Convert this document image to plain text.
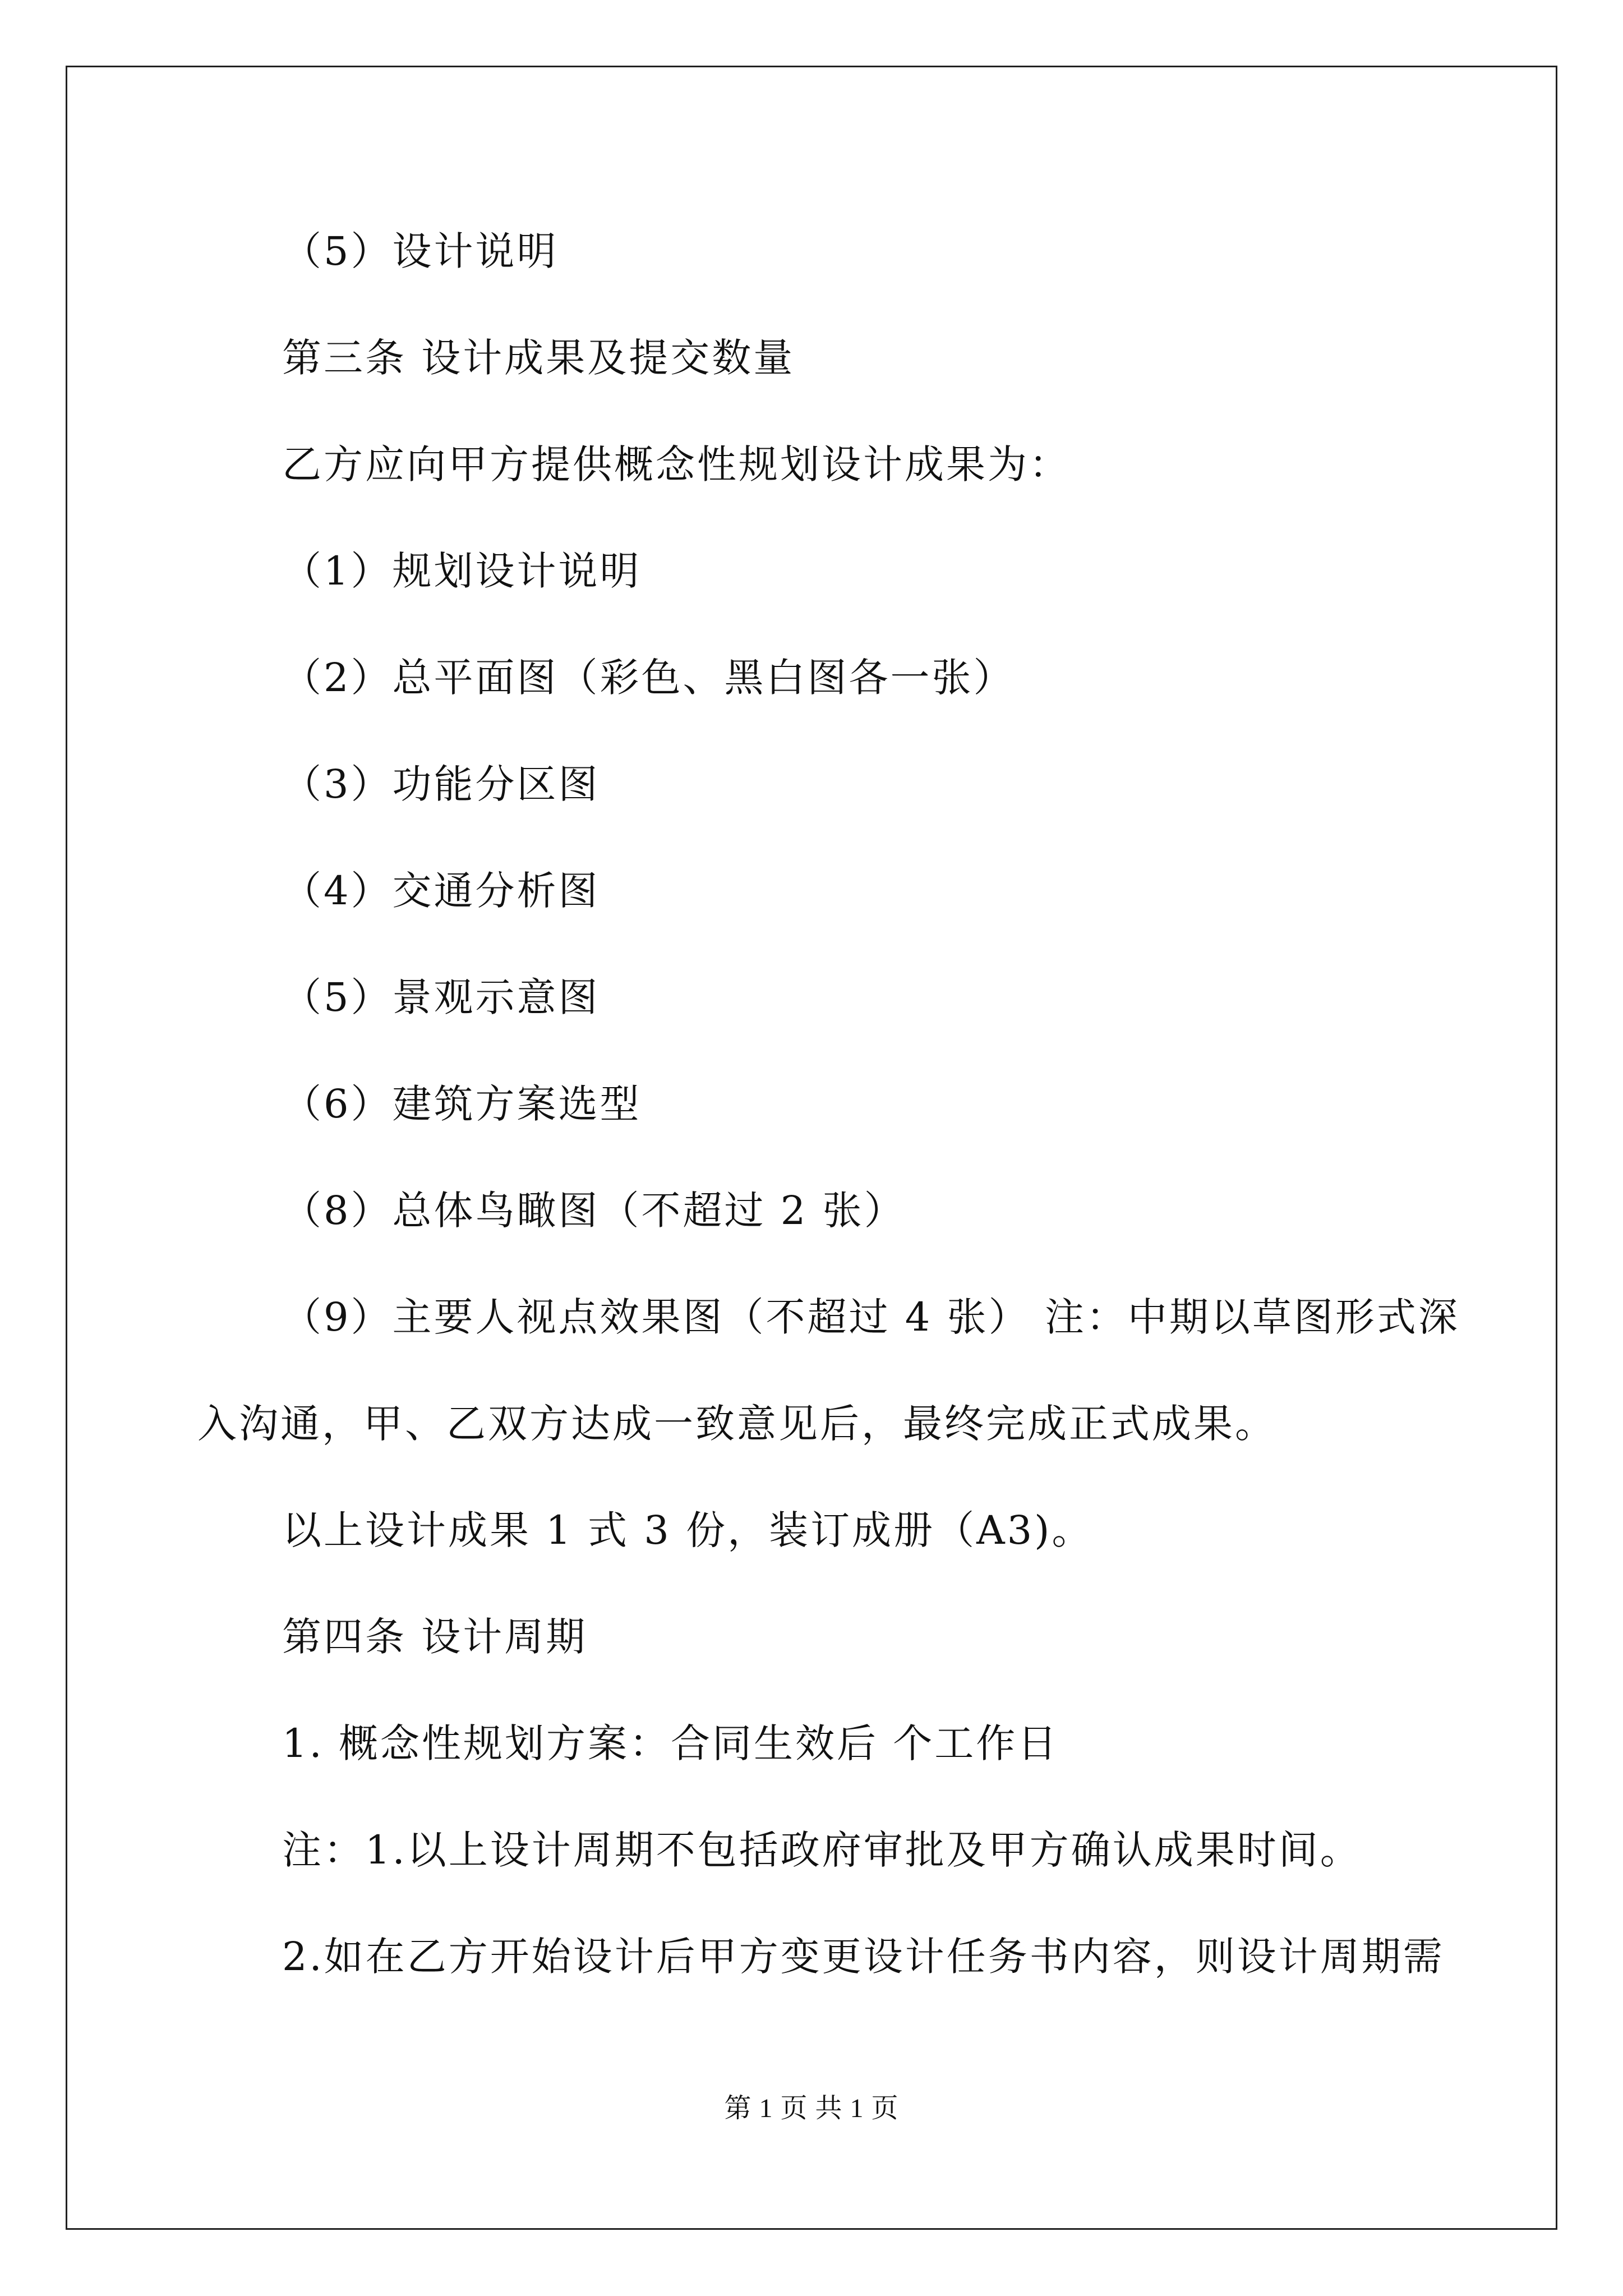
（5）设计说明
第三条 设计成果及提交数量
乙方应向甲方提供概念性规划设计成果为：
（1）规划设计说明
（2）总平面图（彩色、黑白图各一张）
（3）功能分区图
（4）交通分析图
（5）景观示意图
（6）建筑方案选型
（8）总体鸟瞰图（不超过 2 张）
（9）主要人视点效果图（不超过 4 张） 注：中期以草图形式深
入沟通，甲、乙双方达成一致意见后，最终完成正式成果。
以上设计成果 1 式 3 份，装订成册（A3)。
第四条 设计周期
1. 概念性规划方案：合同生效后 个工作日
注：1.以上设计周期不包括政府审批及甲方确认成果时间。
2.如在乙方开始设计后甲方变更设计任务书内容，则设计周期需
第 1 页 共 1 页
